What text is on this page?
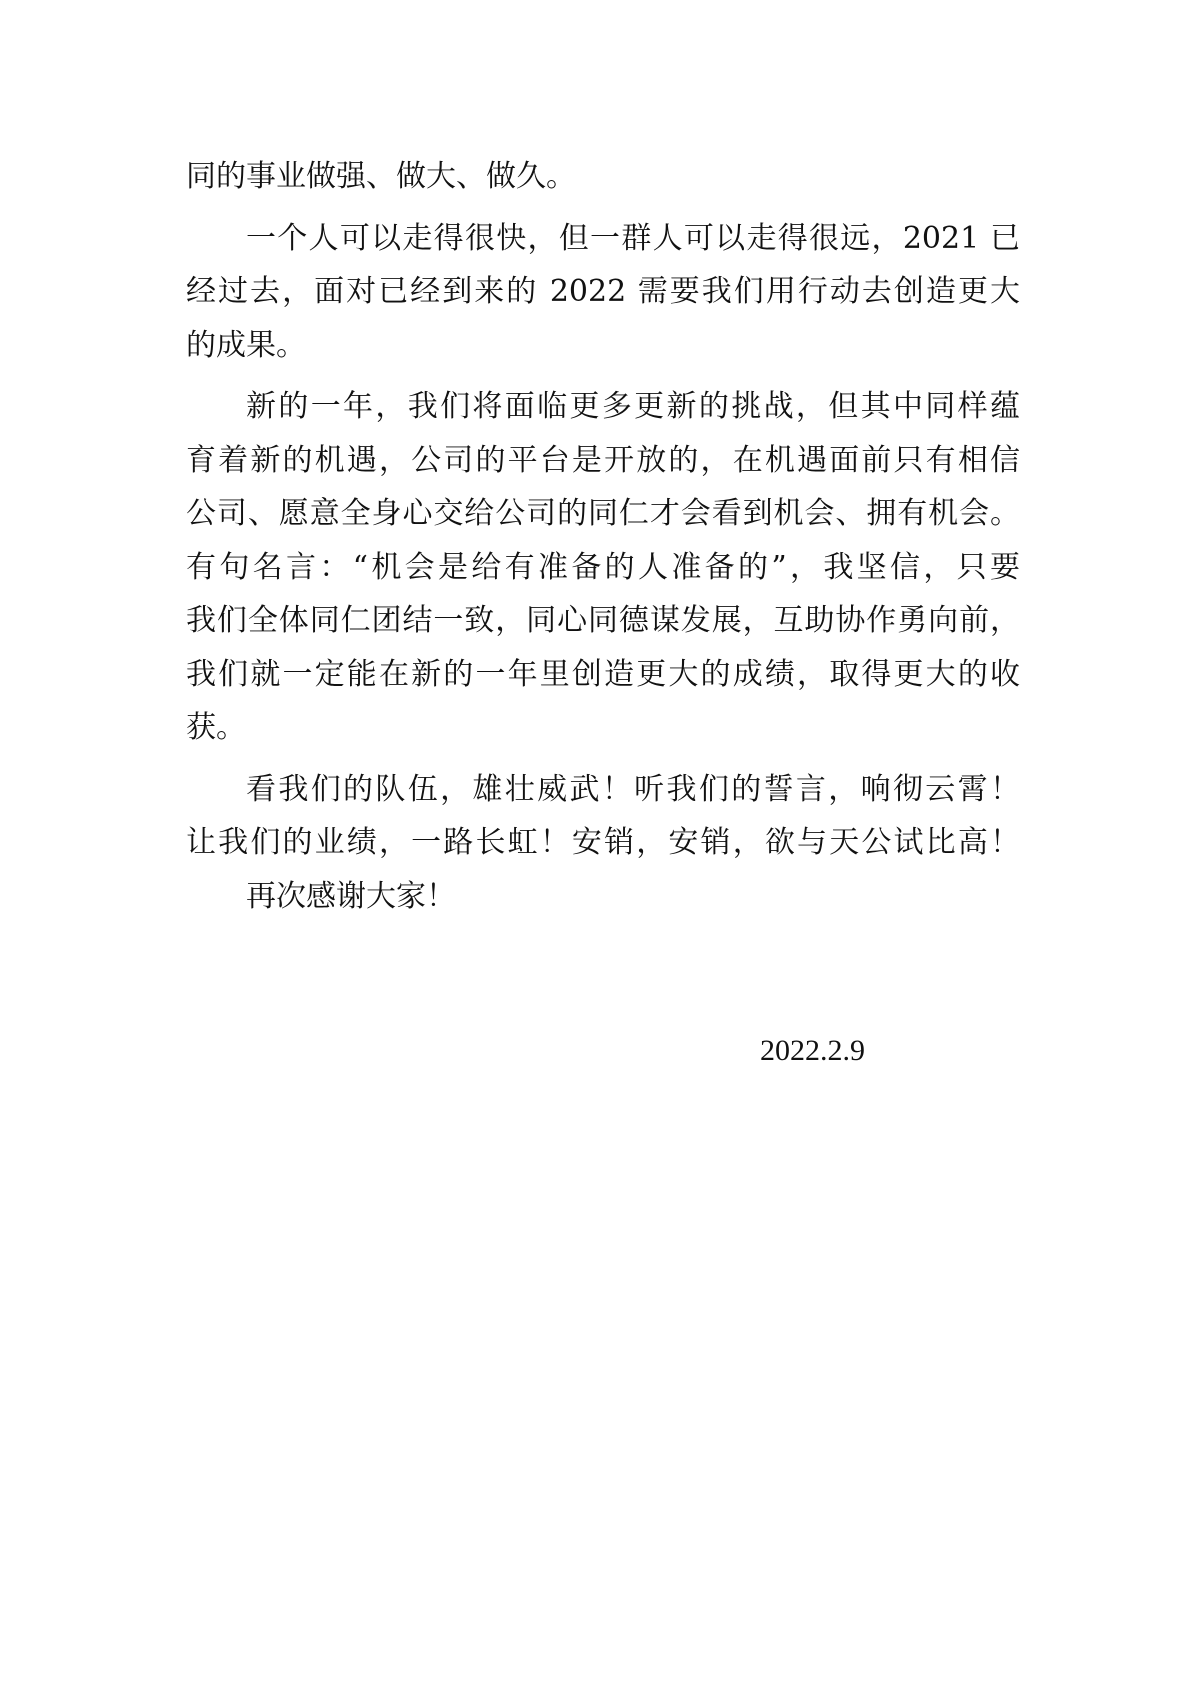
同的事业做强、做大、做久。
一个人可以走得很快，但一群人可以走得很远，2021 已
经过去，面对已经到来的 2022 需要我们用行动去创造更大
的成果。
新的一年，我们将面临更多更新的挑战，但其中同样蕴
育着新的机遇，公司的平台是开放的，在机遇面前只有相信
公司、愿意全身心交给公司的同仁才会看到机会、拥有机会。
有句名言：“机会是给有准备的人准备的”，我坚信，只要
我们全体同仁团结一致，同心同德谋发展，互助协作勇向前，
我们就一定能在新的一年里创造更大的成绩，取得更大的收
获。
看我们的队伍，雄壮威武！听我们的誓言，响彻云霄！
让我们的业绩，一路长虹！安销，安销，欲与天公试比高！
再次感谢大家！
2022.2.9
